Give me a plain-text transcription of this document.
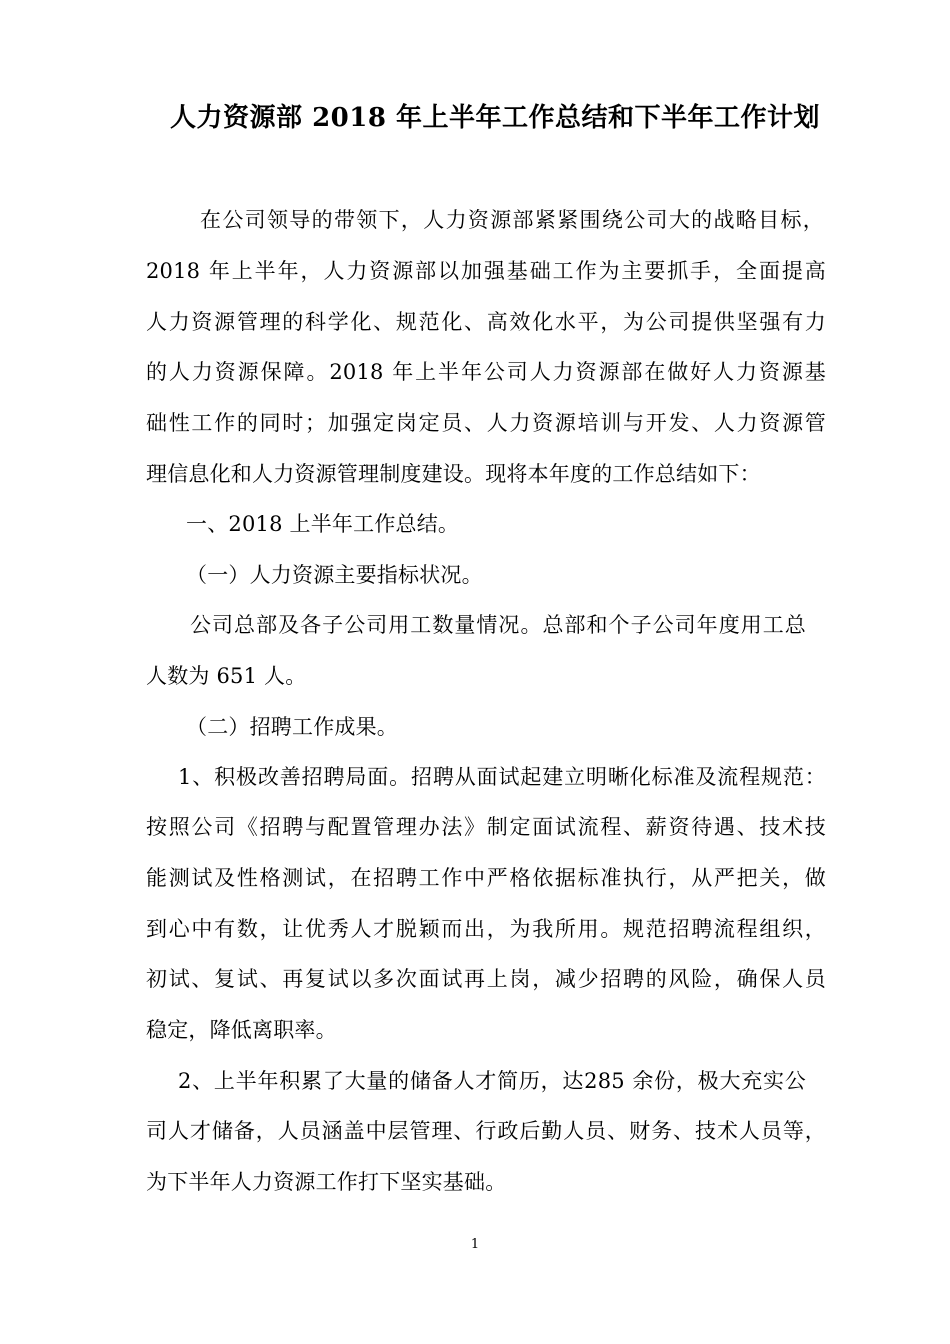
人力资源部 2018 年上半年工作总结和下半年工作计划
在公司领导的带领下，人力资源部紧紧围绕公司大的战略目标，
2018 年上半年，人力资源部以加强基础工作为主要抓手，全面提高
人力资源管理的科学化、规范化、高效化水平，为公司提供坚强有力
的人力资源保障。2018 年上半年公司人力资源部在做好人力资源基
础性工作的同时；加强定岗定员、人力资源培训与开发、人力资源管
理信息化和人力资源管理制度建设。现将本年度的工作总结如下：
一、2018 上半年工作总结。
（一）人力资源主要指标状况。
公司总部及各子公司用工数量情况。总部和个子公司年度用工总
人数为 651 人。
（二）招聘工作成果。
1、积极改善招聘局面。招聘从面试起建立明晰化标准及流程规范：
按照公司《招聘与配置管理办法》制定面试流程、薪资待遇、技术技
能测试及性格测试，在招聘工作中严格依据标准执行，从严把关，做
到心中有数，让优秀人才脱颖而出，为我所用。规范招聘流程组织，
初试、复试、再复试以多次面试再上岗，减少招聘的风险，确保人员
稳定，降低离职率。
2、上半年积累了大量的储备人才简历，达285 余份，极大充实公
司人才储备，人员涵盖中层管理、行政后勤人员、财务、技术人员等，
为下半年人力资源工作打下坚实基础。
1
